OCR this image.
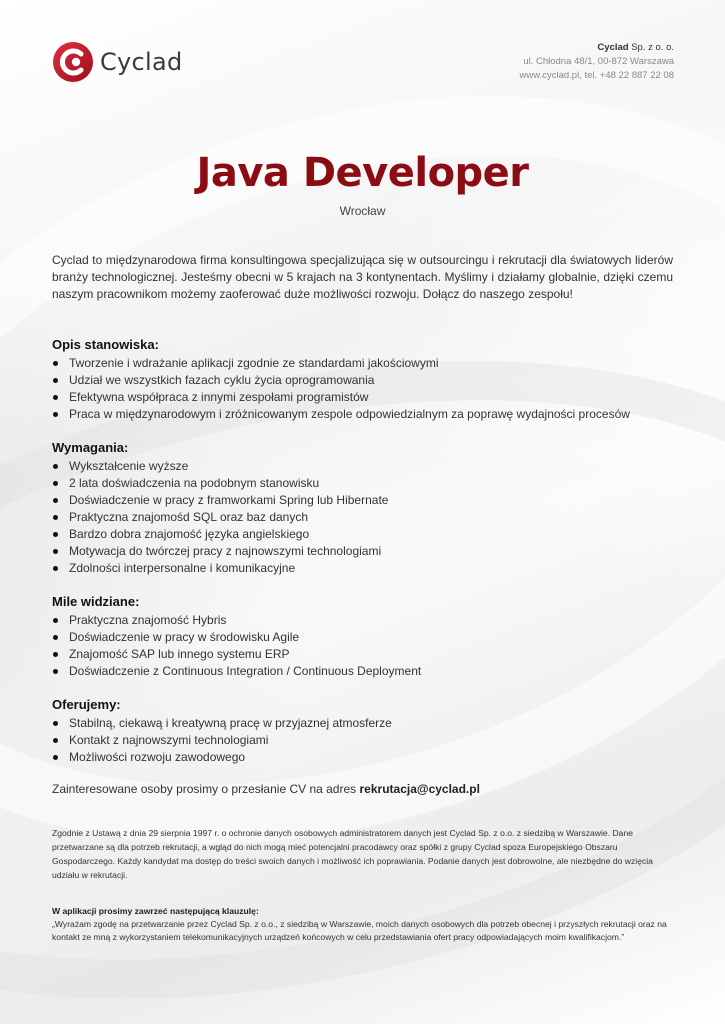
Cyclad
Cyclad Sp. z o. o.
ul. Chłodna 48/1, 00-872 Warszawa
www.cyclad.pl, tel. +48 22 887 22 08
Java Developer
Wrocław

Cyclad to międzynarodowa firma konsultingowa specjalizująca się w outsourcingu i rekrutacji dla światowych liderów branży technologicznej. Jesteśmy obecni w 5 krajach na 3 kontynentach. Myślimy i działamy globalnie, dzięki czemu naszym pracownikom możemy zaoferować duże możliwości rozwoju. Dołącz do naszego zespołu!

Opis stanowiska:
Tworzenie i wdrażanie aplikacji zgodnie ze standardami jakościowymi
Udział we wszystkich fazach cyklu życia oprogramowania
Efektywna współpraca z innymi zespołami programistów
Praca w międzynarodowym i zróżnicowanym zespole odpowiedzialnym za poprawę wydajności procesów
Wymagania:
Wykształcenie wyższe
2 lata doświadczenia na podobnym stanowisku
Doświadczenie w pracy z framworkami Spring lub Hibernate
Praktyczna znajomośd SQL oraz baz danych
Bardzo dobra znajomość języka angielskiego
Motywacja do twórczej pracy z najnowszymi technologiami
Zdolności interpersonalne i komunikacyjne
Mile widziane:
Praktyczna znajomość Hybris
Doświadczenie w pracy w środowisku Agile
Znajomość SAP lub innego systemu ERP
Doświadczenie z Continuous Integration / Continuous Deployment
Oferujemy:
Stabilną, ciekawą i kreatywną pracę w przyjaznej atmosferze
Kontakt z najnowszymi technologiami
Możliwości rozwoju zawodowego
Zainteresowane osoby prosimy o przesłanie CV na adres rekrutacja@cyclad.pl

Zgodnie z Ustawą z dnia 29 sierpnia 1997 r. o ochronie danych osobowych administratorem danych jest Cyclad Sp. z o.o. z siedzibą w Warszawie. Dane przetwarzane są dla potrzeb rekrutacji, a wgląd do nich mogą mieć potencjalni pracodawcy oraz spółki z grupy Cyclad spoza Europejskiego Obszaru Gospodarczego. Każdy kandydat ma dostęp do treści swoich danych i możliwość ich poprawiania. Podanie danych jest dobrowolne, ale niezbędne do wzięcia udziału w rekrutacji.

W aplikacji prosimy zawrzeć następującą klauzulę:
„Wyrażam zgodę na przetwarzanie przez Cyclad Sp. z o.o., z siedzibą w Warszawie, moich danych osobowych dla potrzeb obecnej i przyszłych rekrutacji oraz na kontakt ze mną z wykorzystaniem telekomunikacyjnych urządzeń końcowych w celu przedstawiania ofert pracy odpowiadających moim kwalifikacjom.”
